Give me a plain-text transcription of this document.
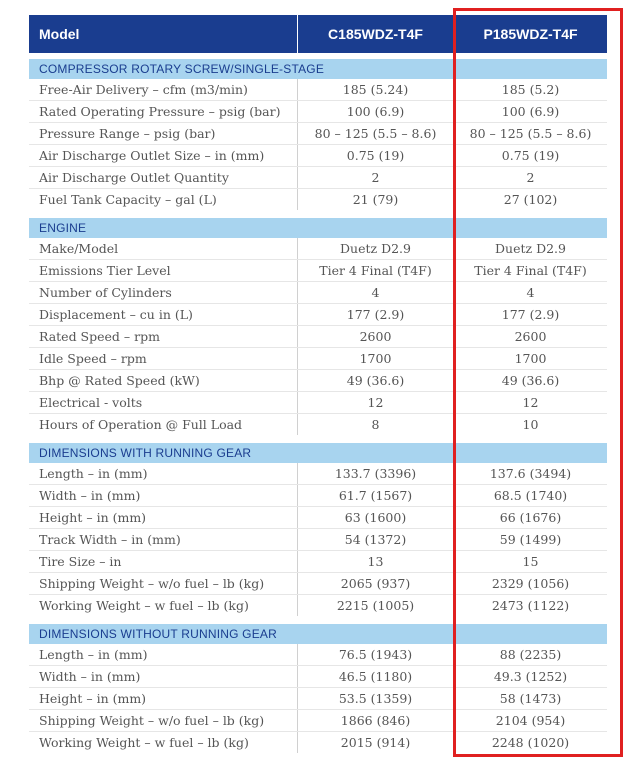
Model	C185WDZ-T4F	P185WDZ-T4F
COMPRESSOR ROTARY SCREW/SINGLE-STAGE
Free-Air Delivery – cfm (m3/min)	185 (5.24)	185 (5.2)
Rated Operating Pressure – psig (bar)	100 (6.9)	100 (6.9)
Pressure Range – psig (bar)	80 – 125 (5.5 – 8.6)	80 – 125 (5.5 – 8.6)
Air Discharge Outlet Size – in (mm)	0.75 (19)	0.75 (19)
Air Discharge Outlet Quantity	2	2
Fuel Tank Capacity – gal (L)	21 (79)	27 (102)
ENGINE
Make/Model	Duetz D2.9	Duetz D2.9
Emissions Tier Level	Tier 4 Final (T4F)	Tier 4 Final (T4F)
Number of Cylinders	4	4
Displacement – cu in (L)	177 (2.9)	177 (2.9)
Rated Speed – rpm	2600	2600
Idle Speed – rpm	1700	1700
Bhp @ Rated Speed (kW)	49 (36.6)	49 (36.6)
Electrical - volts	12	12
Hours of Operation @ Full Load	8	10
DIMENSIONS WITH RUNNING GEAR
Length – in (mm)	133.7 (3396)	137.6 (3494)
Width – in (mm)	61.7 (1567)	68.5 (1740)
Height – in (mm)	63 (1600)	66 (1676)
Track Width – in (mm)	54 (1372)	59 (1499)
Tire Size – in	13	15
Shipping Weight – w/o fuel – lb (kg)	2065 (937)	2329 (1056)
Working Weight – w fuel – lb (kg)	2215 (1005)	2473 (1122)
DIMENSIONS WITHOUT RUNNING GEAR
Length – in (mm)	76.5 (1943)	88 (2235)
Width – in (mm)	46.5 (1180)	49.3 (1252)
Height – in (mm)	53.5 (1359)	58 (1473)
Shipping Weight – w/o fuel – lb (kg)	1866 (846)	2104 (954)
Working Weight – w fuel – lb (kg)	2015 (914)	2248 (1020)
